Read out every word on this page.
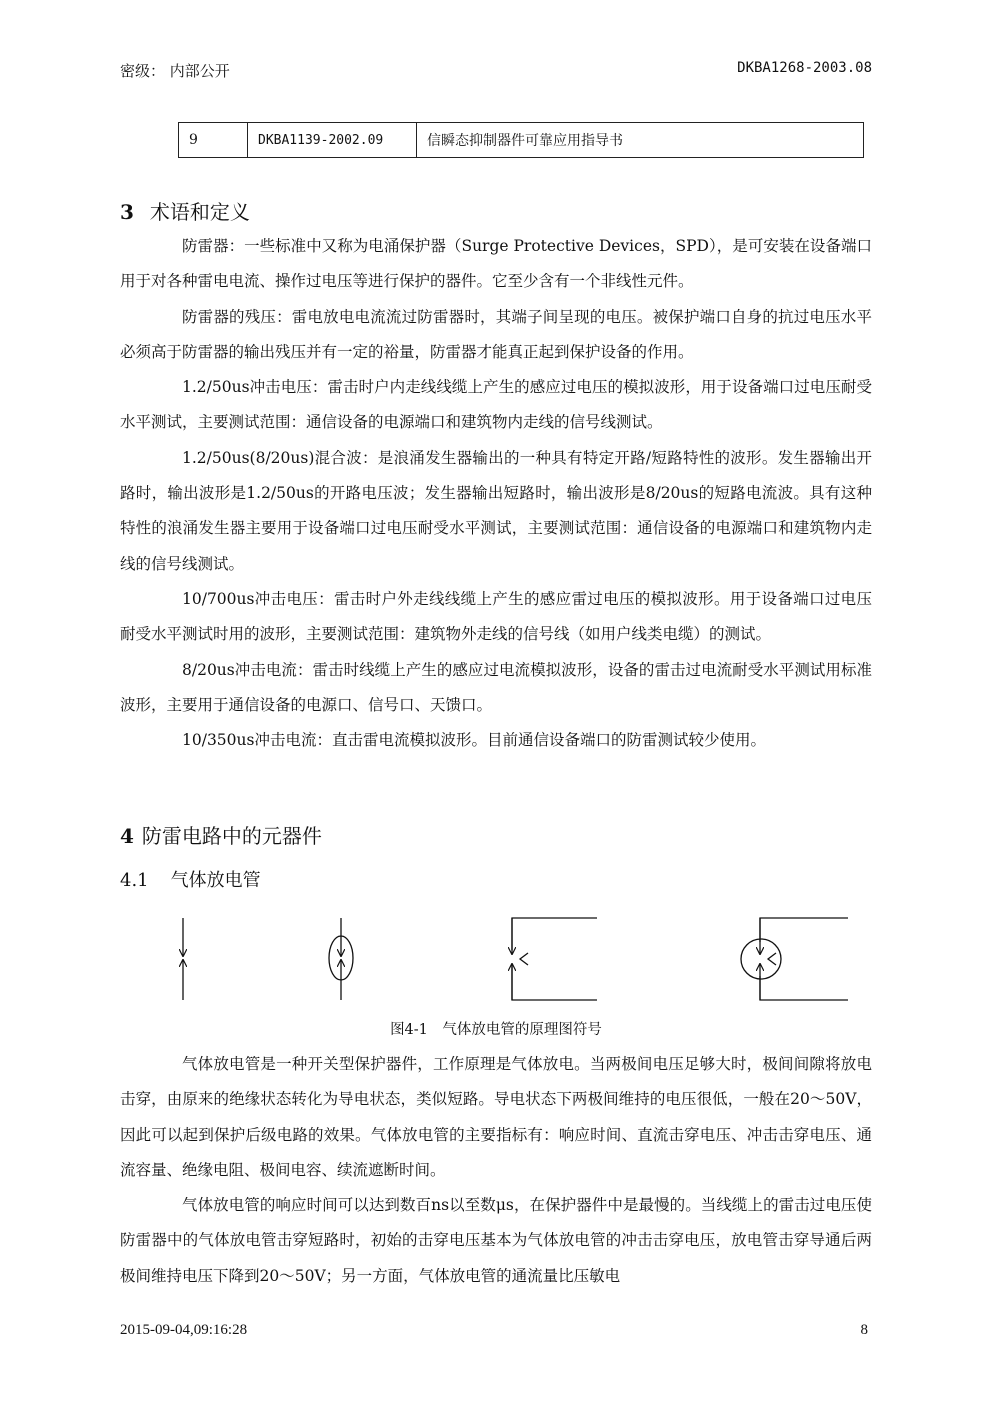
密级： 内部公开	DKBA1268-2003.08
9	DKBA1139-2002.09	信瞬态抑制器件可靠应用指导书
3 术语和定义

防雷器：一些标准中又称为电涌保护器（Surge Protective Devices，SPD），是可安装在设备端口用于对各种雷电电流、操作过电压等进行保护的器件。它至少含有一个非线性元件。

防雷器的残压：雷电放电电流流过防雷器时，其端子间呈现的电压。被保护端口自身的抗过电压水平必须高于防雷器的输出残压并有一定的裕量，防雷器才能真正起到保护设备的作用。

1.2/50us冲击电压：雷击时户内走线线缆上产生的感应过电压的模拟波形，用于设备端口过电压耐受水平测试，主要测试范围：通信设备的电源端口和建筑物内走线的信号线测试。

1.2/50us(8/20us)混合波：是浪涌发生器输出的一种具有特定开路/短路特性的波形。发生器输出开路时，输出波形是1.2/50us的开路电压波；发生器输出短路时，输出波形是8/20us的短路电流波。具有这种特性的浪涌发生器主要用于设备端口过电压耐受水平测试，主要测试范围：通信设备的电源端口和建筑物内走线的信号线测试。

10/700us冲击电压：雷击时户外走线线缆上产生的感应雷过电压的模拟波形。用于设备端口过电压耐受水平测试时用的波形，主要测试范围：建筑物外走线的信号线（如用户线类电缆）的测试。

8/20us冲击电流：雷击时线缆上产生的感应过电流模拟波形，设备的雷击过电流耐受水平测试用标准波形，主要用于通信设备的电源口、信号口、天馈口。

10/350us冲击电流：直击雷电流模拟波形。目前通信设备端口的防雷测试较少使用。

4 防雷电路中的元器件
4.1 气体放电管
图4-1　气体放电管的原理图符号

气体放电管是一种开关型保护器件，工作原理是气体放电。当两极间电压足够大时，极间间隙将放电击穿，由原来的绝缘状态转化为导电状态，类似短路。导电状态下两极间维持的电压很低，一般在20～50V，因此可以起到保护后级电路的效果。气体放电管的主要指标有：响应时间、直流击穿电压、冲击击穿电压、通流容量、绝缘电阻、极间电容、续流遮断时间。

气体放电管的响应时间可以达到数百ns以至数μs，在保护器件中是最慢的。当线缆上的雷击过电压使防雷器中的气体放电管击穿短路时，初始的击穿电压基本为气体放电管的冲击击穿电压，放电管击穿导通后两极间维持电压下降到20～50V；另一方面，气体放电管的通流量比压敏电

2015-09-04,09:16:28	8
